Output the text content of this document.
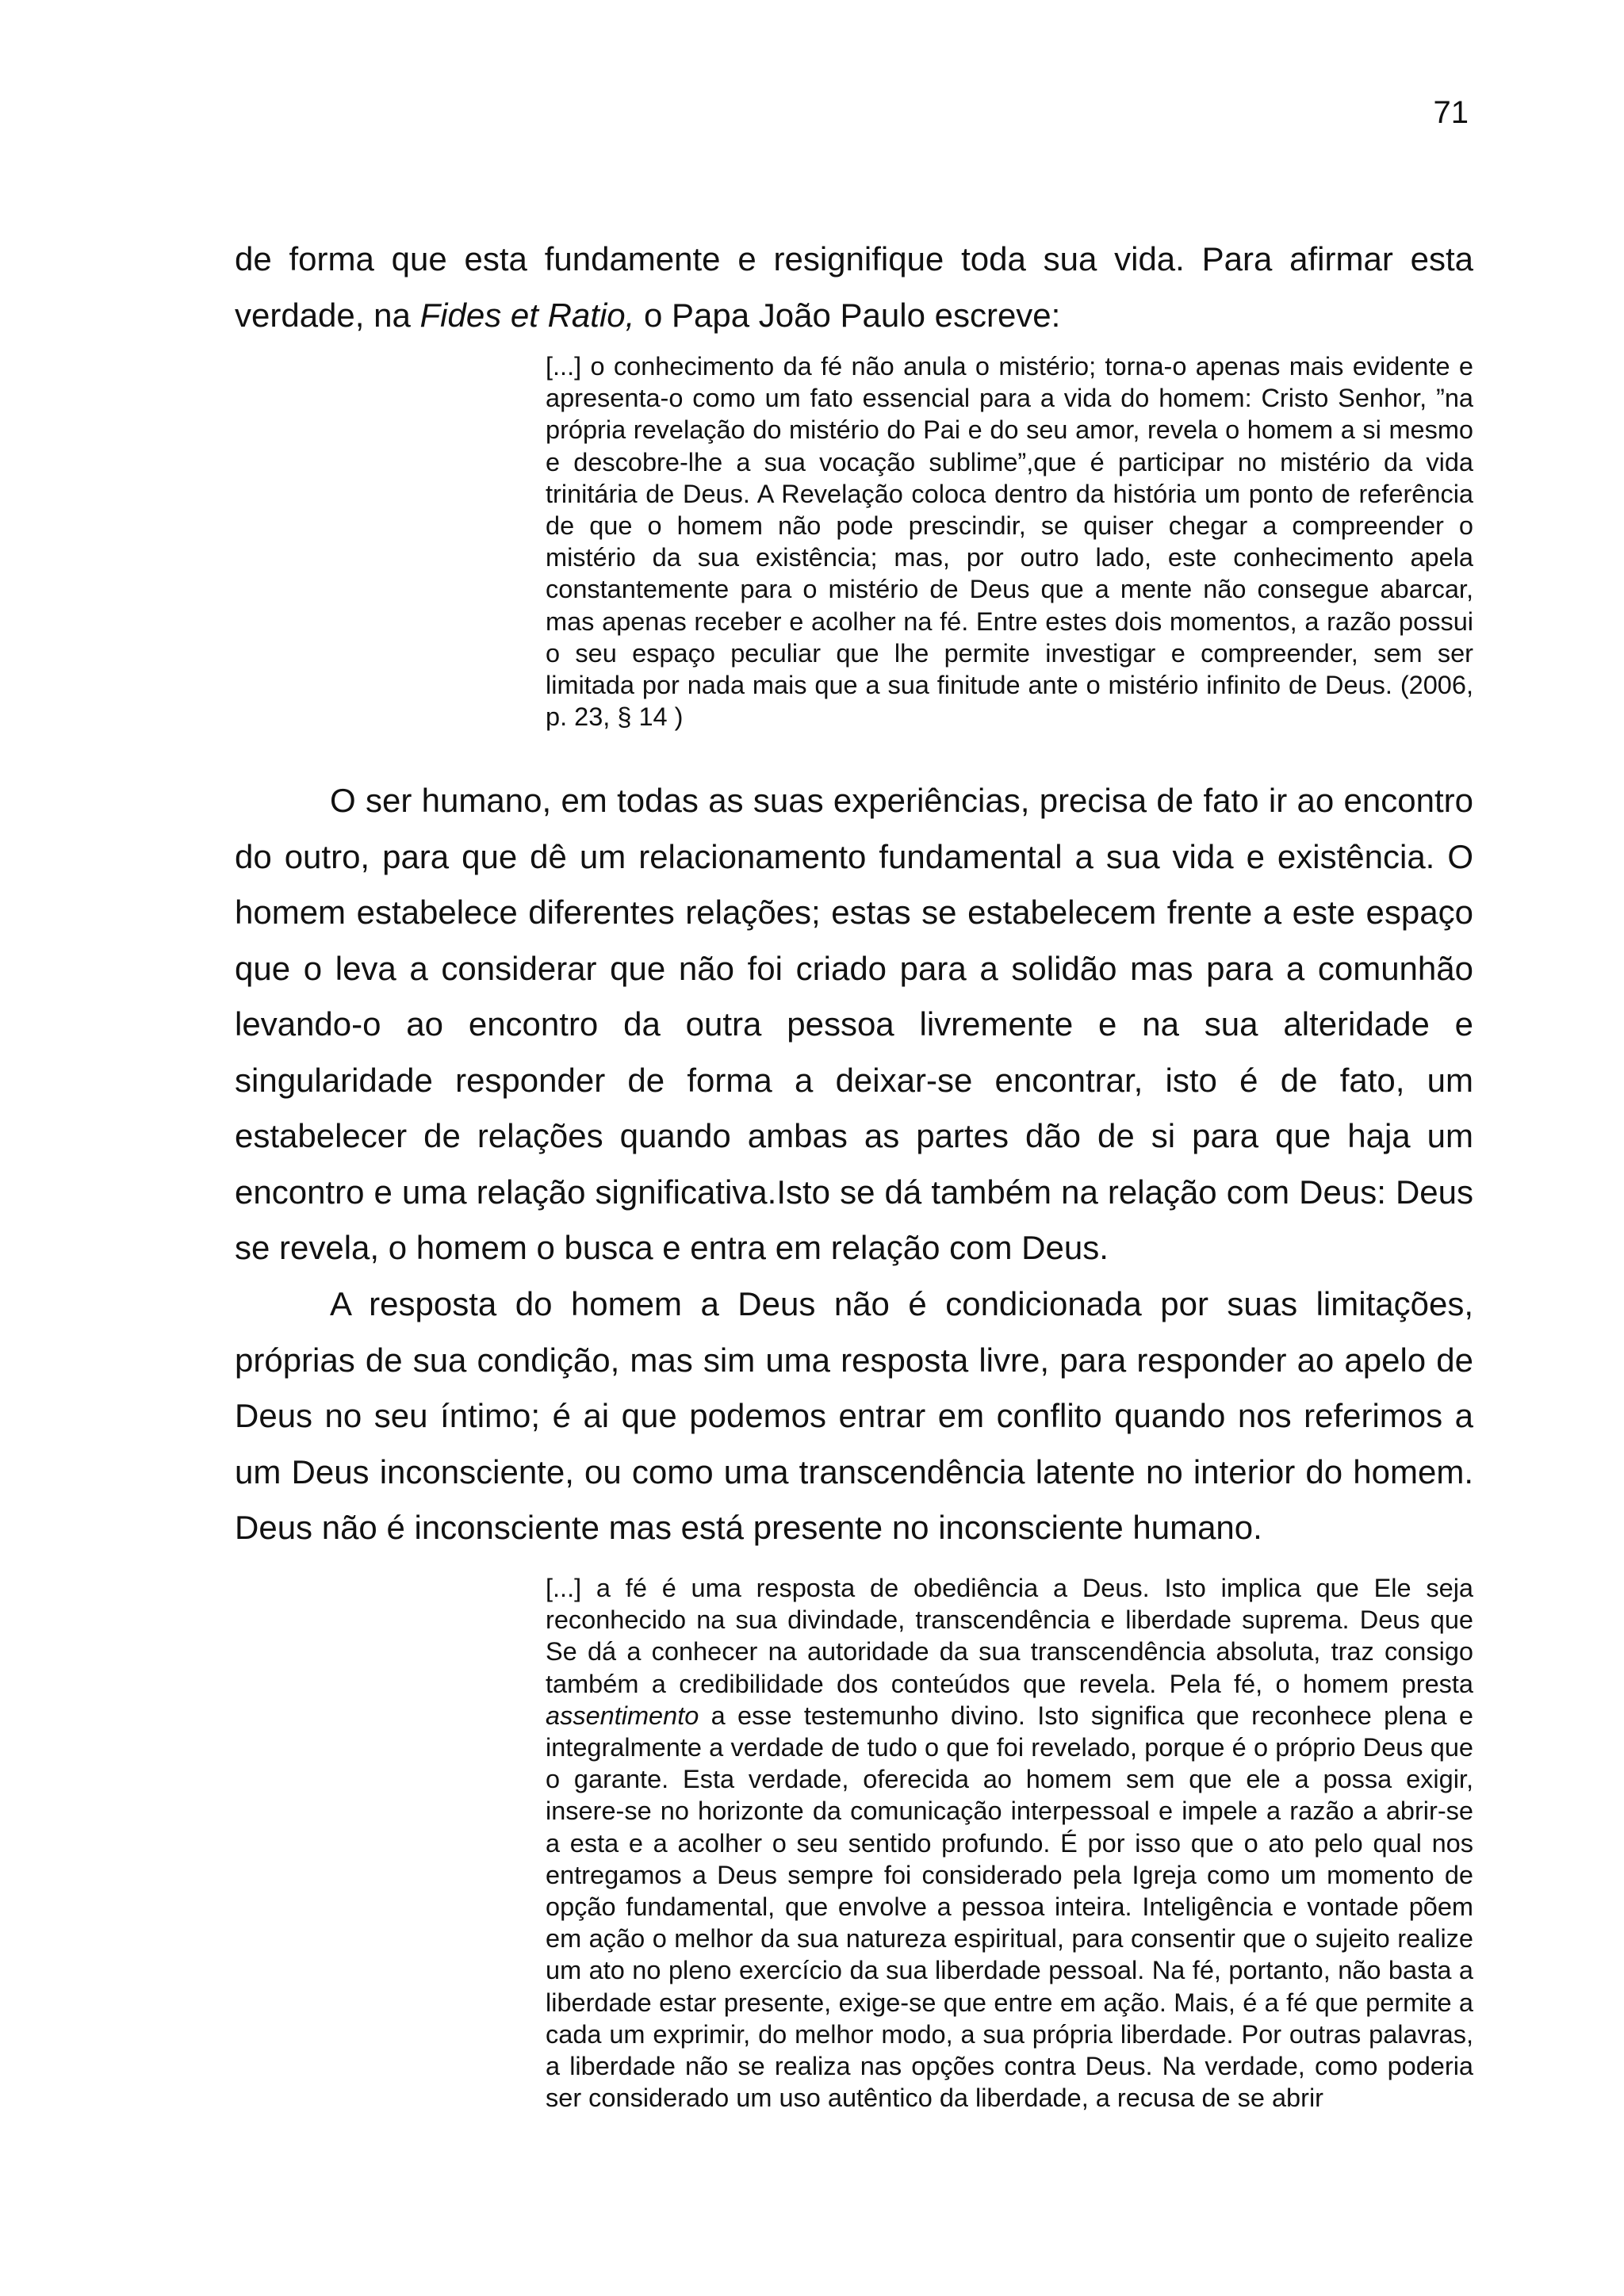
71

de forma que esta fundamente e resignifique toda sua vida. Para afirmar esta verdade, na Fides et Ratio, o Papa João Paulo escreve:

[...] o conhecimento da fé não anula o mistério; torna-o apenas mais evidente e apresenta-o como um fato essencial para a vida do homem: Cristo Senhor, ”na própria revelação do mistério do Pai e do seu amor, revela o homem a si mesmo e descobre-lhe a sua vocação sublime”,que é participar no mistério da vida trinitária de Deus. A Revelação coloca dentro da história um ponto de referência de que o homem não pode prescindir, se quiser chegar a compreender o mistério da sua existência; mas, por outro lado, este conhecimento apela constantemente para o mistério de Deus que a mente não consegue abarcar, mas apenas receber e acolher na fé. Entre estes dois momentos, a razão possui o seu espaço peculiar que lhe permite investigar e compreender, sem ser limitada por nada mais que a sua finitude ante o mistério infinito de Deus. (2006, p. 23, § 14 )

O ser humano, em todas as suas experiências, precisa de fato ir ao encontro do outro, para que dê um relacionamento fundamental a sua vida e existência. O homem estabelece diferentes relações; estas se estabelecem frente a este espaço que o leva a considerar que não foi criado para a solidão mas para a comunhão levando-o ao encontro da outra pessoa livremente e na sua alteridade e singularidade responder de forma a deixar-se encontrar, isto é de fato, um estabelecer de relações quando ambas as partes dão de si para que haja um encontro e uma relação significativa.Isto se dá também na relação com Deus: Deus se revela, o homem o busca e entra em relação com Deus.

A resposta do homem a Deus não é condicionada por suas limitações, próprias de sua condição, mas sim uma resposta livre, para responder ao apelo de Deus no seu íntimo; é ai que podemos entrar em conflito quando nos referimos a um Deus inconsciente, ou como uma transcendência latente no interior do homem. Deus não é inconsciente mas está presente no inconsciente humano.

[...] a fé é uma resposta de obediência a Deus. Isto implica que Ele seja reconhecido na sua divindade, transcendência e liberdade suprema. Deus que Se dá a conhecer na autoridade da sua transcendência absoluta, traz consigo também a credibilidade dos conteúdos que revela. Pela fé, o homem presta assentimento a esse testemunho divino. Isto significa que reconhece plena e integralmente a verdade de tudo o que foi revelado, porque é o próprio Deus que o garante. Esta verdade, oferecida ao homem sem que ele a possa exigir, insere-se no horizonte da comunicação interpessoal e impele a razão a abrir-se a esta e a acolher o seu sentido profundo. É por isso que o ato pelo qual nos entregamos a Deus sempre foi considerado pela Igreja como um momento de opção fundamental, que envolve a pessoa inteira. Inteligência e vontade põem em ação o melhor da sua natureza espiritual, para consentir que o sujeito realize um ato no pleno exercício da sua liberdade pessoal. Na fé, portanto, não basta a liberdade estar presente, exige-se que entre em ação. Mais, é a fé que permite a cada um exprimir, do melhor modo, a sua própria liberdade. Por outras palavras, a liberdade não se realiza nas opções contra Deus. Na verdade, como poderia ser considerado um uso autêntico da liberdade, a recusa de se abrir
